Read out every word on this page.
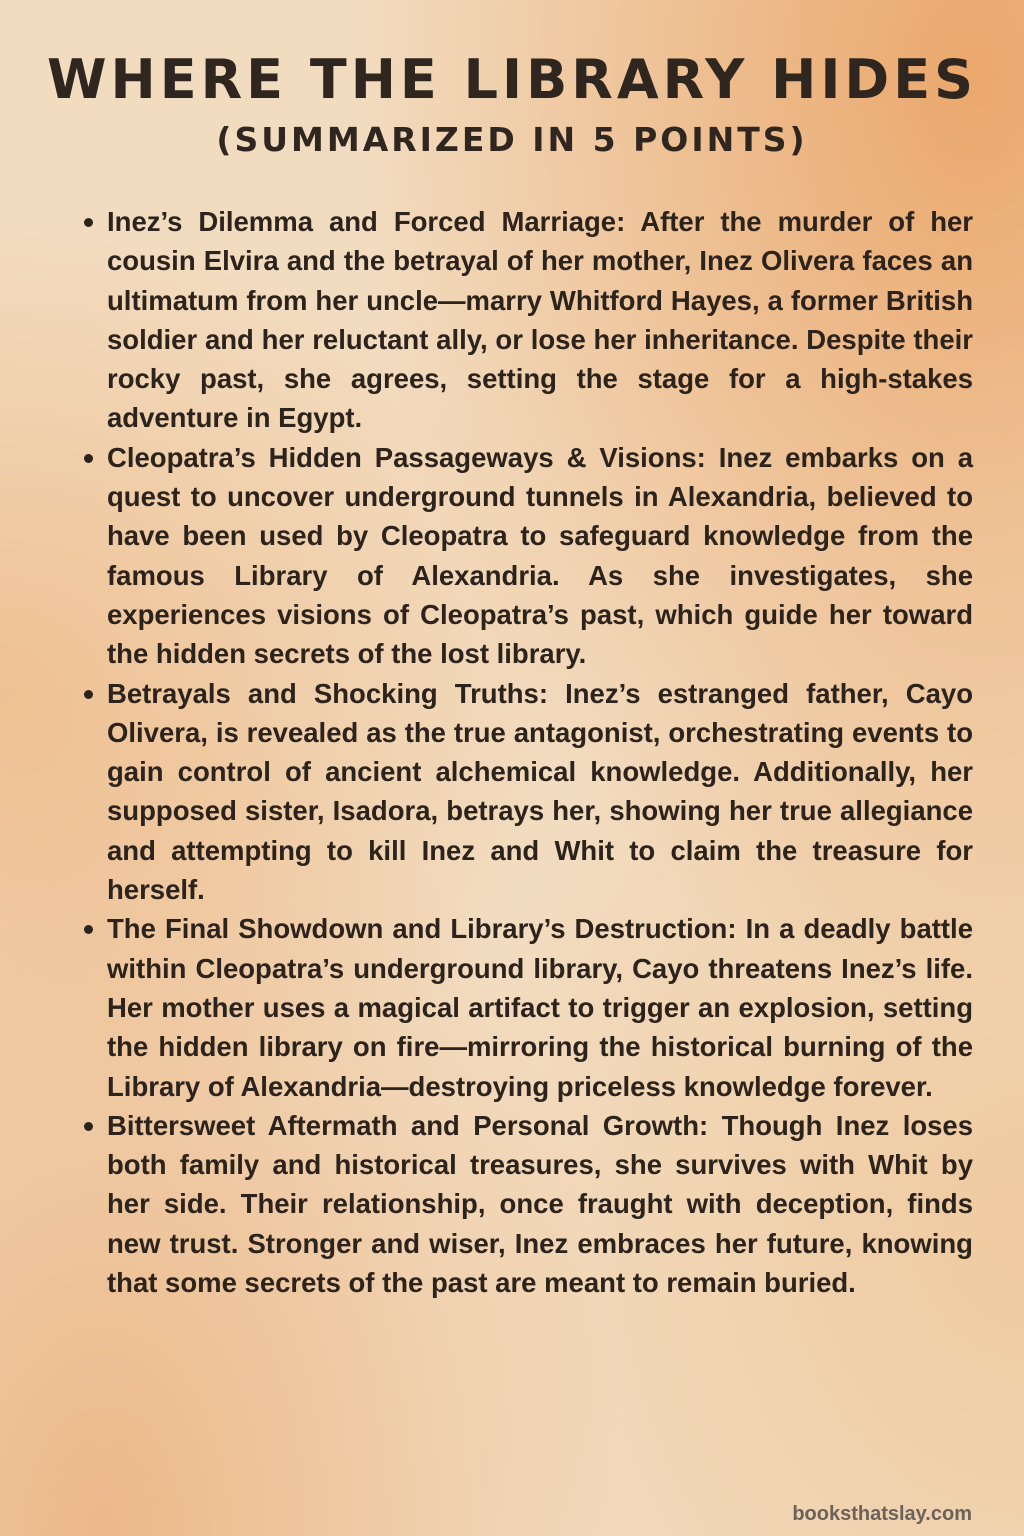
WHERE THE LIBRARY HIDES
(SUMMARIZED IN 5 POINTS)
Inez’s Dilemma and Forced Marriage: After the murder of her cousin Elvira and the betrayal of her mother, Inez Olivera faces an ultimatum from her uncle—marry Whitford Hayes, a former British soldier and her reluctant ally, or lose her inheritance. Despite their rocky past, she agrees, setting the stage for a high-stakes adventure in Egypt.
Cleopatra’s Hidden Passageways & Visions: Inez embarks on a quest to uncover underground tunnels in Alexandria, believed to have been used by Cleopatra to safeguard knowledge from the famous Library of Alexandria. As she investigates, she experiences visions of Cleopatra’s past, which guide her toward the hidden secrets of the lost library.
Betrayals and Shocking Truths: Inez’s estranged father, Cayo Olivera, is revealed as the true antagonist, orchestrating events to gain control of ancient alchemical knowledge. Additionally, her supposed sister, Isadora, betrays her, showing her true allegiance and attempting to kill Inez and Whit to claim the treasure for herself.
The Final Showdown and Library’s Destruction: In a deadly battle within Cleopatra’s underground library, Cayo threatens Inez’s life. Her mother uses a magical artifact to trigger an explosion, setting the hidden library on fire—mirroring the historical burning of the Library of Alexandria—destroying priceless knowledge forever.
Bittersweet Aftermath and Personal Growth: Though Inez loses both family and historical treasures, she survives with Whit by her side. Their relationship, once fraught with deception, finds new trust. Stronger and wiser, Inez embraces her future, knowing that some secrets of the past are meant to remain buried.
booksthatslay.com
